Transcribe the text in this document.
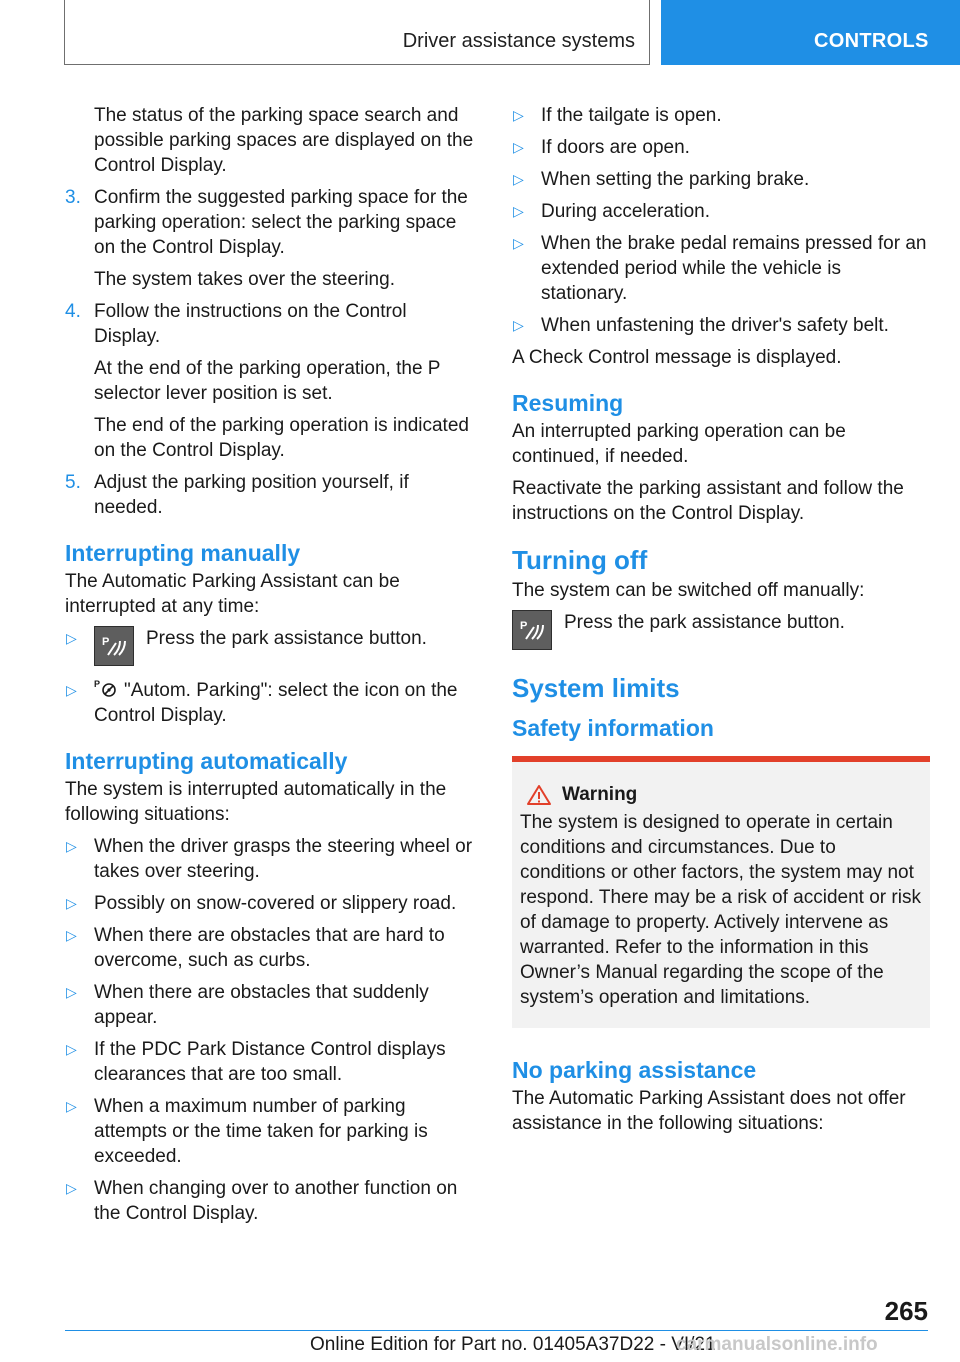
Driver assistance systems	CONTROLS

The status of the parking space search and possible parking spaces are displayed on the Control Display.

3. Confirm the suggested parking space for the parking operation: select the parking space on the Control Display.

The system takes over the steering.

4. Follow the instructions on the Control Display.

At the end of the parking operation, the P selector lever position is set.

The end of the parking operation is indicated on the Control Display.

5. Adjust the parking position yourself, if needed.
Interrupting manually

The Automatic Parking Assistant can be interrupted at any time:

▷ P Press the park assistance button.
▷ P "Autom. Parking": select the icon on the Control Display.
Interrupting automatically

The system is interrupted automatically in the following situations:

▷ When the driver grasps the steering wheel or takes over steering.
▷ Possibly on snow-covered or slippery road.
▷ When there are obstacles that are hard to overcome, such as curbs.
▷ When there are obstacles that suddenly appear.
▷ If the PDC Park Distance Control displays clearances that are too small.
▷ When a maximum number of parking attempts or the time taken for parking is exceeded.
▷ When changing over to another function on the Control Display.
▷ If the tailgate is open.
▷ If doors are open.
▷ When setting the parking brake.
▷ During acceleration.
▷ When the brake pedal remains pressed for an extended period while the vehicle is stationary.
▷ When unfastening the driver's safety belt.

A Check Control message is displayed.

Resuming

An interrupted parking operation can be continued, if needed.

Reactivate the parking assistant and follow the instructions on the Control Display.

Turning off

The system can be switched off manually:

P Press the park assistance button.
System limits
Safety information
Warning

The system is designed to operate in certain conditions and circumstances. Due to conditions or other factors, the system may not respond. There may be a risk of accident or risk of damage to property. Actively intervene as warranted. Refer to the information in this Owner’s Manual regarding the scope of the system’s operation and limitations.

No parking assistance

The Automatic Parking Assistant does not offer assistance in the following situations:

265
Online Edition for Part no. 01405A37D22 - VI/21
carmanualsonline.info
